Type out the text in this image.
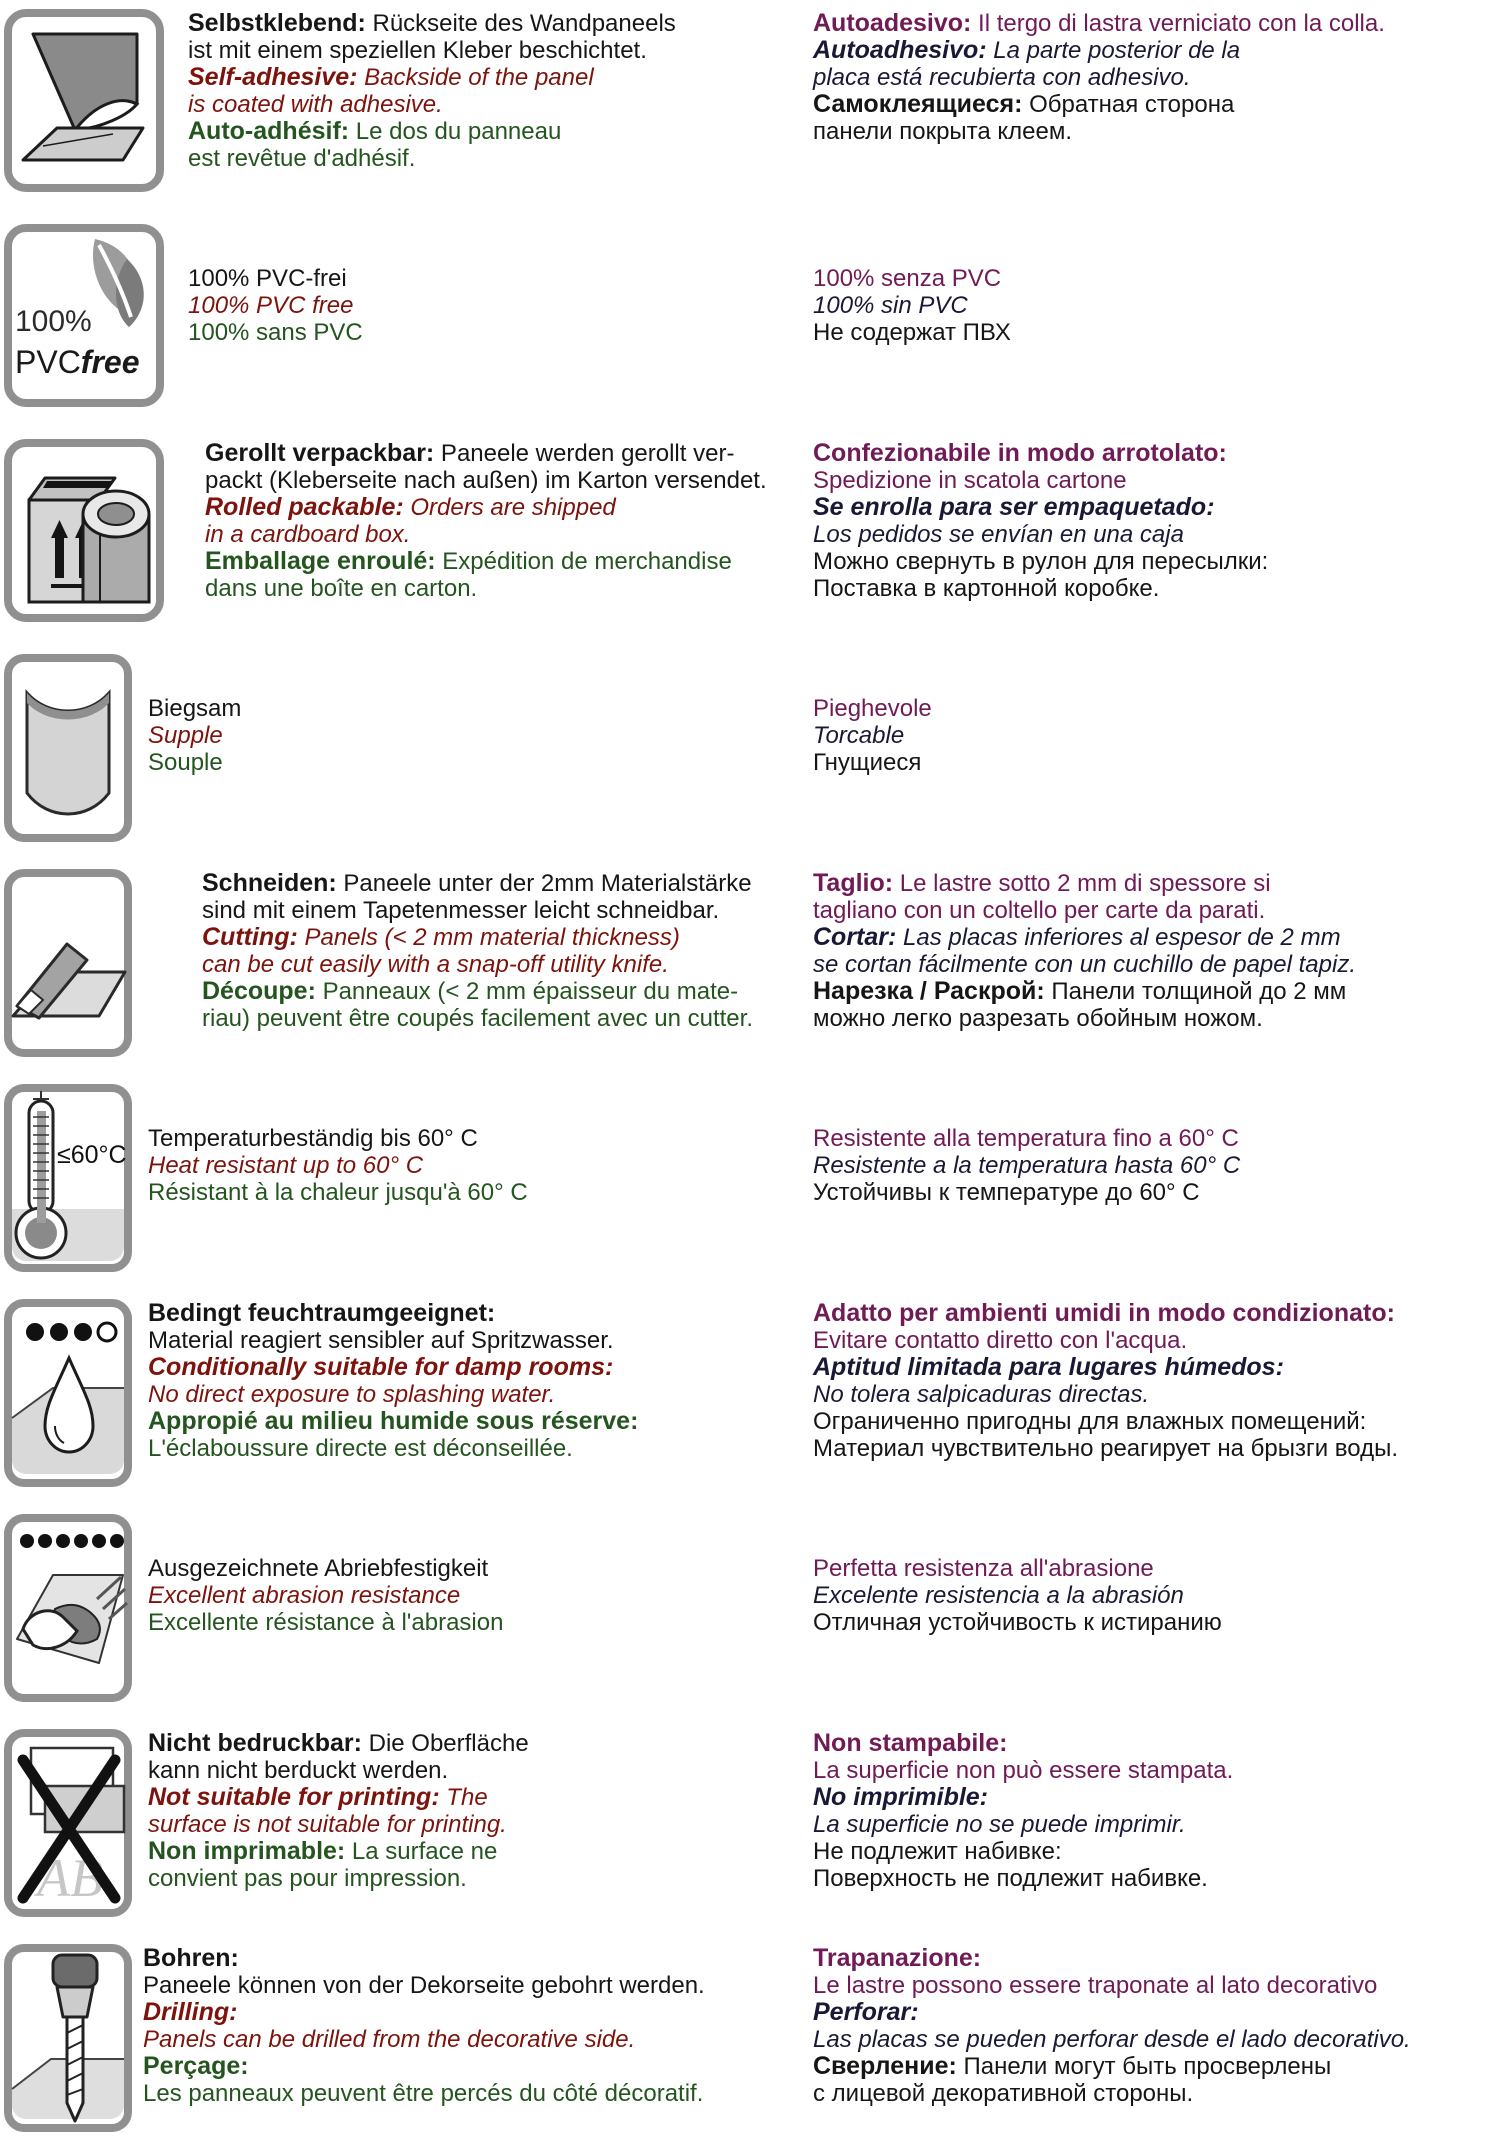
Selbstklebend: Rückseite des Wandpaneels
ist mit einem speziellen Kleber beschichtet.
Self-adhesive: Backside of the panel
is coated with adhesive.
Auto-adhésif: Le dos du panneau
est revêtue d'adhésif.
Autoadesivo: Il tergo di lastra verniciato con la colla.
Autoadhesivo: La parte posterior de la
placa está recubierta con adhesivo.
Самоклеящиеся: Обратная сторона
панели покрыта клеем.
100%
PVCfree
100% PVC-frei
100% PVC free
100% sans PVC
100% senza PVC
100% sin PVC
Не содержат ПВХ
Gerollt verpackbar: Paneele werden gerollt ver-
packt (Kleberseite nach außen) im Karton versendet.
Rolled packable: Orders are shipped
in a cardboard box.
Emballage enroulé: Expédition de merchandise
dans une boîte en carton.
Confezionabile in modo arrotolato:
Spedizione in scatola cartone
Se enrolla para ser empaquetado:
Los pedidos se envían en una caja
Можно свернуть в рулон для пересылки:
Поставка в картонной коробке.
Biegsam
Supple
Souple
Pieghevole
Torcable
Гнущиеся
Schneiden: Paneele unter der 2mm Materialstärke
sind mit einem Tapetenmesser leicht schneidbar.
Cutting: Panels (< 2 mm material thickness)
can be cut easily with a snap-off utility knife.
Découpe: Panneaux (< 2 mm épaisseur du mate-
riau) peuvent être coupés facilement avec un cutter.
Taglio: Le lastre sotto 2 mm di spessore si
tagliano con un coltello per carte da parati.
Cortar: Las placas inferiores al espesor de 2 mm
se cortan fácilmente con un cuchillo de papel tapiz.
Нарезка / Раскрой: Панели толщиной до 2 мм
можно легко разрезать обойным ножом.
≤60°C
Temperaturbeständig bis 60° C
Heat resistant up to 60° C
Résistant à la chaleur jusqu'à 60° C
Resistente alla temperatura fino a 60° C
Resistente a la temperatura hasta 60° C
Устойчивы к температуре до 60° C
Bedingt feuchtraumgeeignet:
Material reagiert sensibler auf Spritzwasser.
Conditionally suitable for damp rooms:
No direct exposure to splashing water.
Appropié au milieu humide sous réserve:
L'éclaboussure directe est déconseillée.
Adatto per ambienti umidi in modo condizionato:
Evitare contatto diretto con l'acqua.
Aptitud limitada para lugares húmedos:
No tolera salpicaduras directas.
Ограниченно пригодны для влажных помещений:
Материал чувствительно реагирует на брызги воды.
Ausgezeichnete Abriebfestigkeit
Excellent abrasion resistance
Excellente résistance à l'abrasion
Perfetta resistenza all'abrasione
Excelente resistencia a la abrasión
Отличная устойчивость к истиранию
AB
Nicht bedruckbar: Die Oberfläche
kann nicht berduckt werden.
Not suitable for printing: The
surface is not suitable for printing.
Non imprimable: La surface ne
convient pas pour impression.
Non stampabile:
La superficie non può essere stampata.
No imprimible:
La superficie no se puede imprimir.
Не подлежит набивке:
Поверхность не подлежит набивке.
Bohren:
Paneele können von der Dekorseite gebohrt werden.
Drilling:
Panels can be drilled from the decorative side.
Perçage:
Les panneaux peuvent être percés du côté décoratif.
Trapanazione:
Le lastre possono essere traponate al lato decorativo
Perforar:
Las placas se pueden perforar desde el lado decorativo.
Сверление: Панели могут быть просверлены
с лицевой декоративной стороны.
